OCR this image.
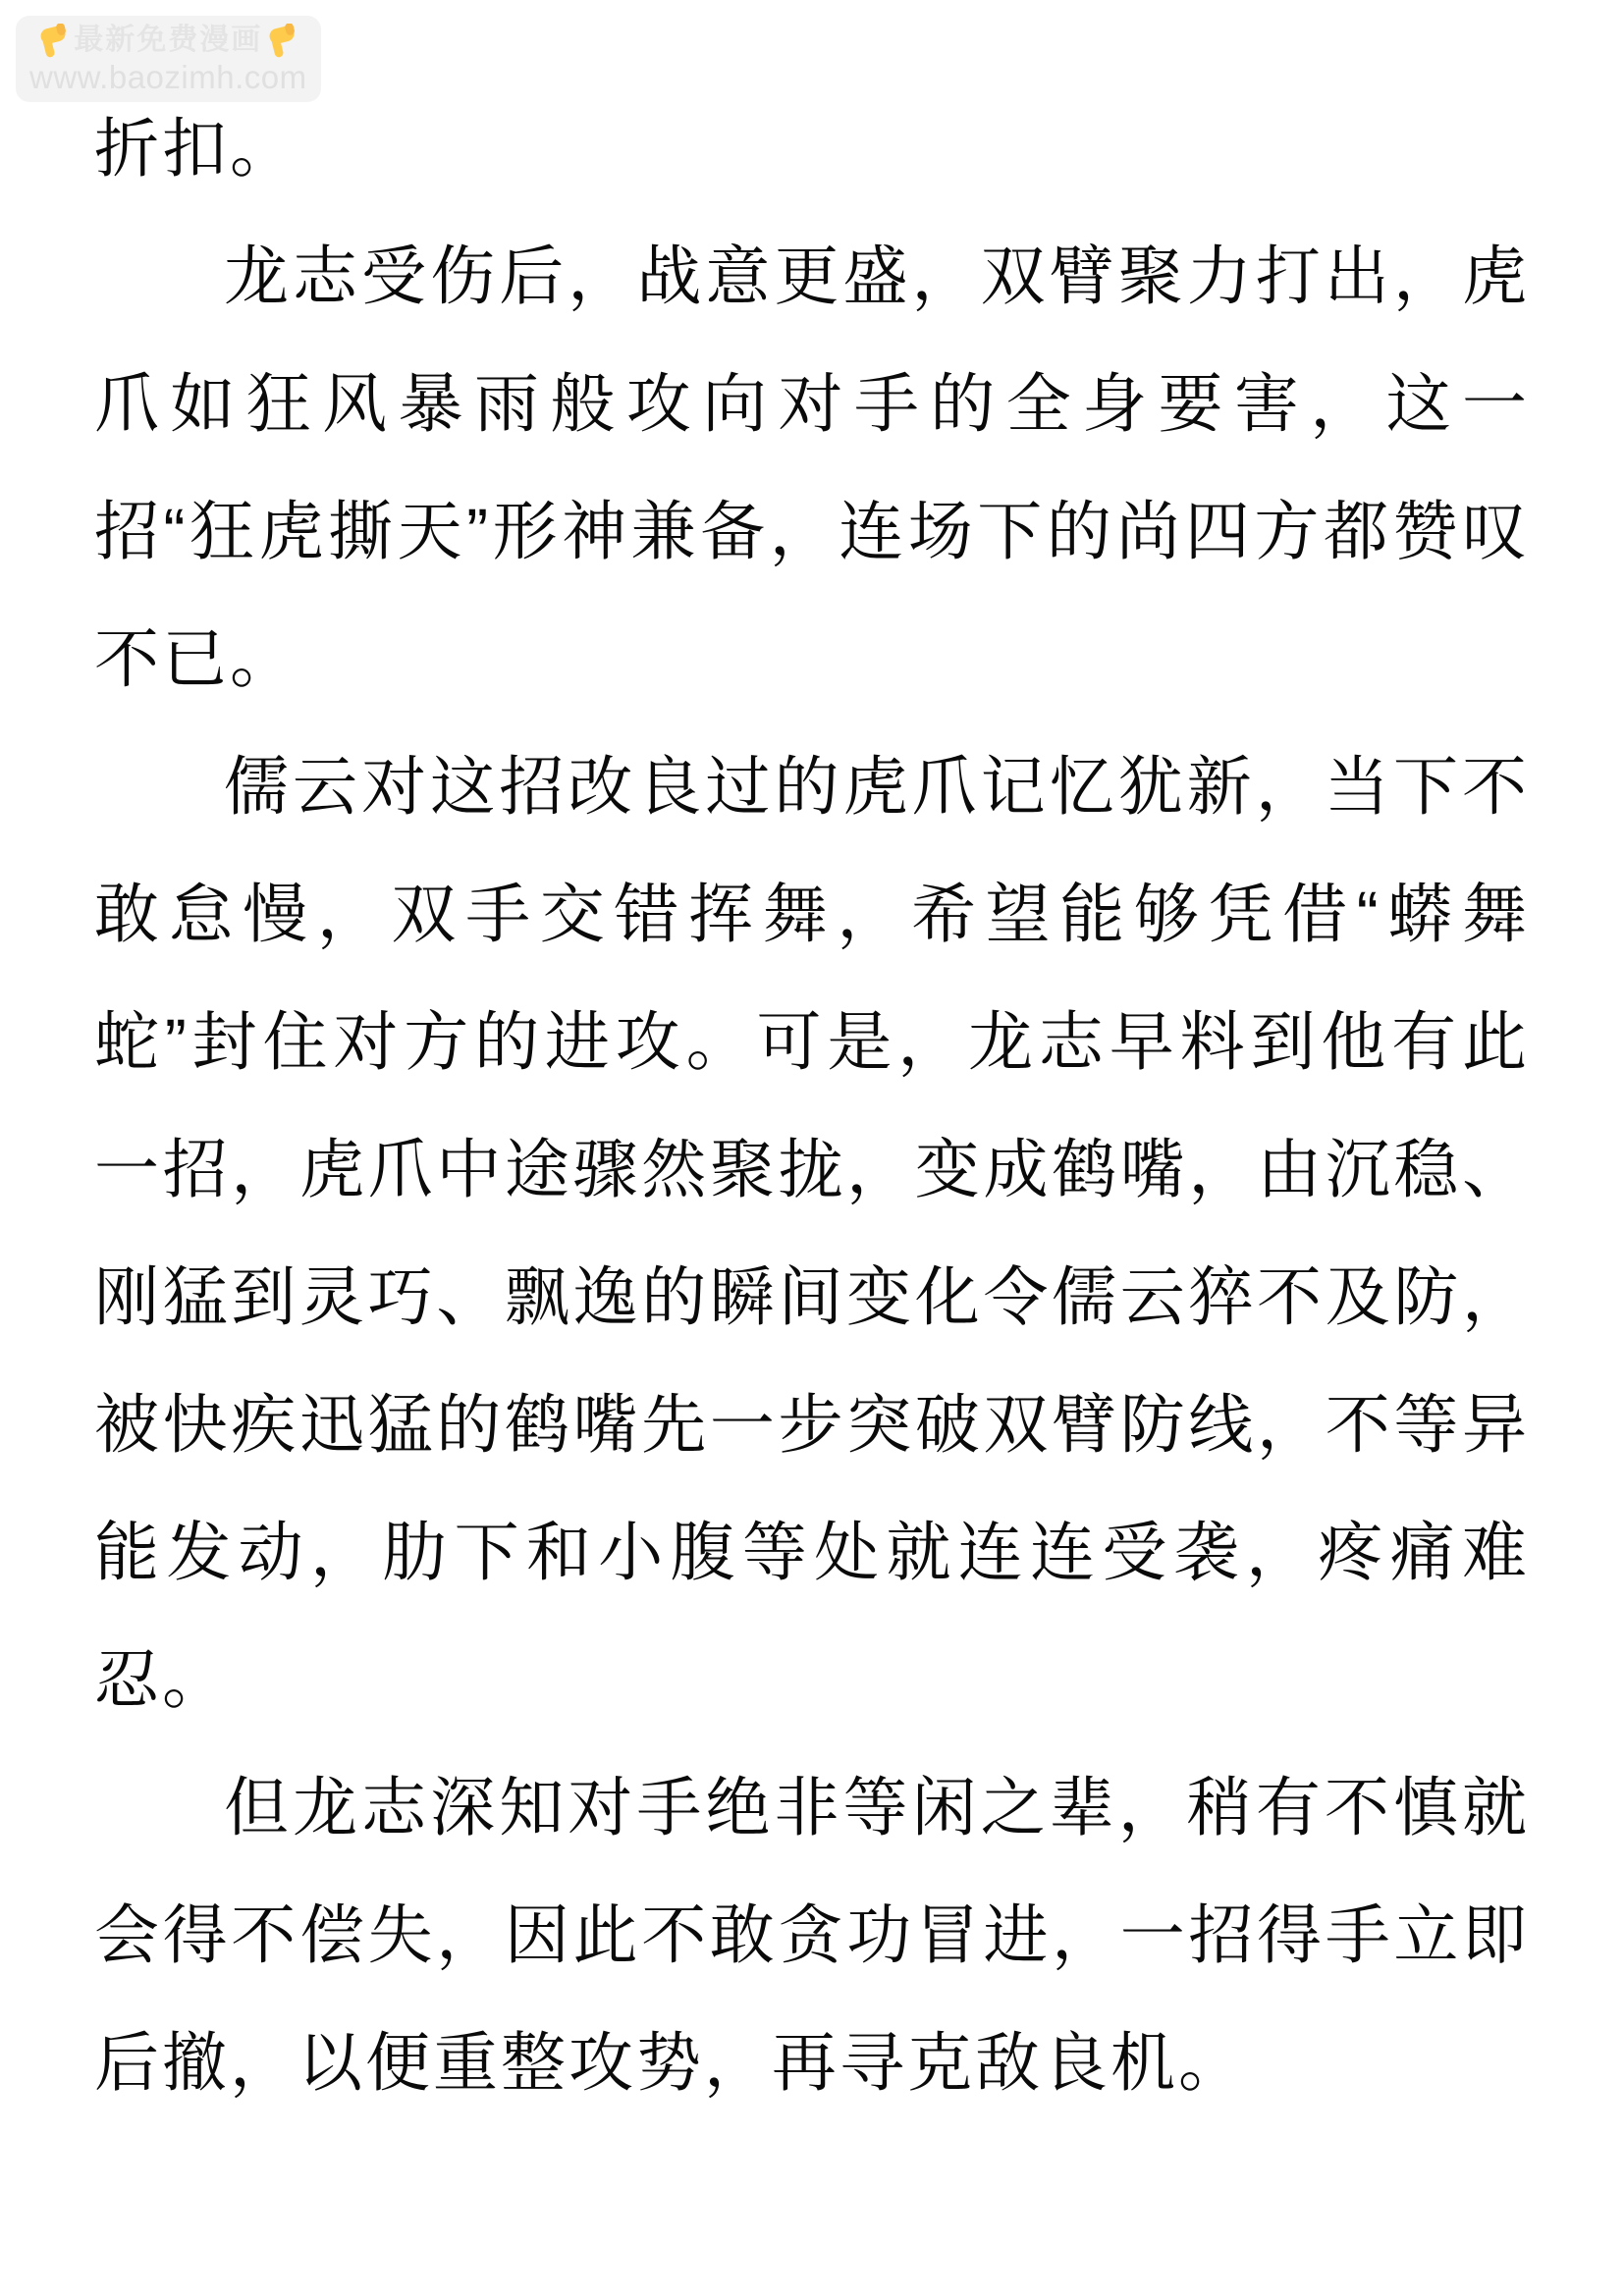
最新免费漫画
www.baozimh.com

折扣。

龙志受伤后，战意更盛，双臂聚力打出，虎爪如狂风暴雨般攻向对手的全身要害，这一招“狂虎撕天”形神兼备，连场下的尚四方都赞叹不已。

儒云对这招改良过的虎爪记忆犹新，当下不敢怠慢，双手交错挥舞，希望能够凭借“蟒舞蛇”封住对方的进攻。可是，龙志早料到他有此一招，虎爪中途骤然聚拢，变成鹤嘴，由沉稳、刚猛到灵巧、飘逸的瞬间变化令儒云猝不及防，被快疾迅猛的鹤嘴先一步突破双臂防线，不等异能发动，肋下和小腹等处就连连受袭，疼痛难忍。

但龙志深知对手绝非等闲之辈，稍有不慎就会得不偿失，因此不敢贪功冒进，一招得手立即后撤，以便重整攻势，再寻克敌良机。
